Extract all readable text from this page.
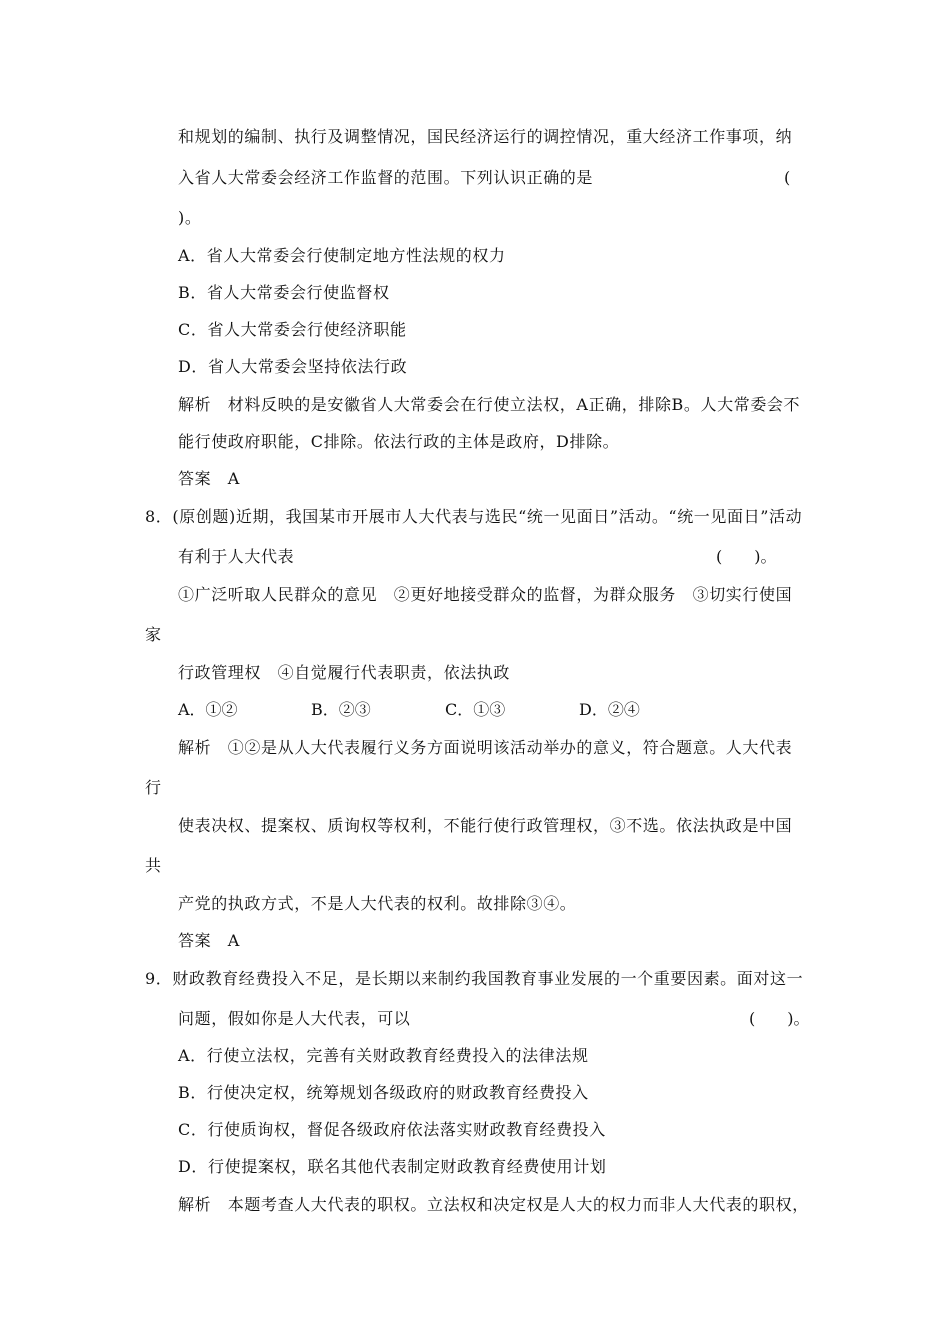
和规划的编制、执行及调整情况，国民经济运行的调控情况，重大经济工作事项，纳
入省人大常委会经济工作监督的范围。下列认识正确的是	(
)。
A．省人大常委会行使制定地方性法规的权力
B．省人大常委会行使监督权
C．省人大常委会行使经济职能
D．省人大常委会坚持依法行政
解析　材料反映的是安徽省人大常委会在行使立法权，A正确，排除B。人大常委会不
能行使政府职能，C排除。依法行政的主体是政府，D排除。
答案　A
8．(原创题)近期，我国某市开展市人大代表与选民“统一见面日”活动。“统一见面日”活动
有利于人大代表	(　　)。
①广泛听取人民群众的意见　②更好地接受群众的监督，为群众服务　③切实行使国
家
行政管理权　④自觉履行代表职责，依法执政
A．①②	B．②③	C．①③	D．②④
解析　①②是从人大代表履行义务方面说明该活动举办的意义，符合题意。人大代表
行
使表决权、提案权、质询权等权利，不能行使行政管理权，③不选。依法执政是中国
共
产党的执政方式，不是人大代表的权利。故排除③④。
答案　A
9．财政教育经费投入不足，是长期以来制约我国教育事业发展的一个重要因素。面对这一
问题，假如你是人大代表，可以	(　　)。
A．行使立法权，完善有关财政教育经费投入的法律法规
B．行使决定权，统筹规划各级政府的财政教育经费投入
C．行使质询权，督促各级政府依法落实财政教育经费投入
D．行使提案权，联名其他代表制定财政教育经费使用计划
解析　本题考查人大代表的职权。立法权和决定权是人大的权力而非人大代表的职权，
